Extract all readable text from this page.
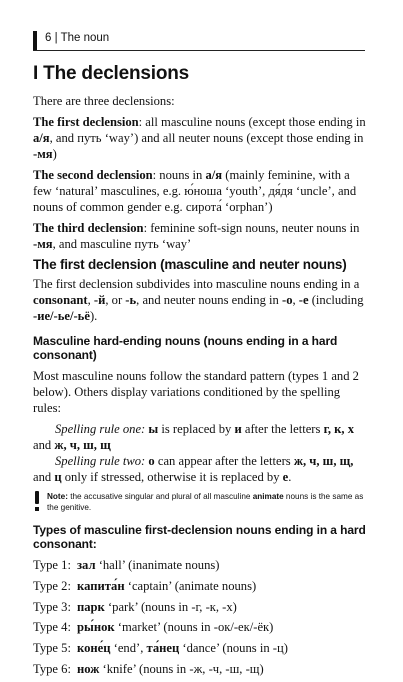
6 | The noun
I The declensions

There are three declensions:

The first declension: all masculine nouns (except those ending in а/я, and путь ‘way’) and all neuter nouns (except those ending in -мя)

The second declension: nouns in а/я (mainly feminine, with a few ‘natural’ masculines, e.g. ю́ноша ‘youth’, дя́дя ‘uncle’, and nouns of common gender e.g. сирота́ ‘orphan’)

The third declension: feminine soft-sign nouns, neuter nouns in -мя, and masculine путь ‘way’

The first declension (masculine and neuter nouns)

The first declension subdivides into masculine nouns ending in a consonant, -й, or -ь, and neuter nouns ending in -о, -е (including -ие/-ье/-ьё).

Masculine hard-ending nouns (nouns ending in a hard consonant)

Most masculine nouns follow the standard pattern (types 1 and 2 below). Others display variations conditioned by the spelling rules:

Spelling rule one: ы is replaced by и after the letters г, к, х

and ж, ч, ш, щ

Spelling rule two: о can appear after the letters ж, ч, ш, щ,

and ц only if stressed, otherwise it is replaced by е.

Note: the accusative singular and plural of all masculine animate nouns is the same as the genitive.
Types of masculine first-declension nouns ending in a hard consonant:
Type 1: зал ‘hall’ (inanimate nouns)
Type 2: капита́н ‘captain’ (animate nouns)
Type 3: парк ‘park’ (nouns in -г, -к, -х)
Type 4: ры́нок ‘market’ (nouns in -ок/-ек/-ёк)
Type 5: коне́ц ‘end’, та́нец ‘dance’ (nouns in -ц)
Type 6: нож ‘knife’ (nouns in -ж, -ч, -ш, -щ)
